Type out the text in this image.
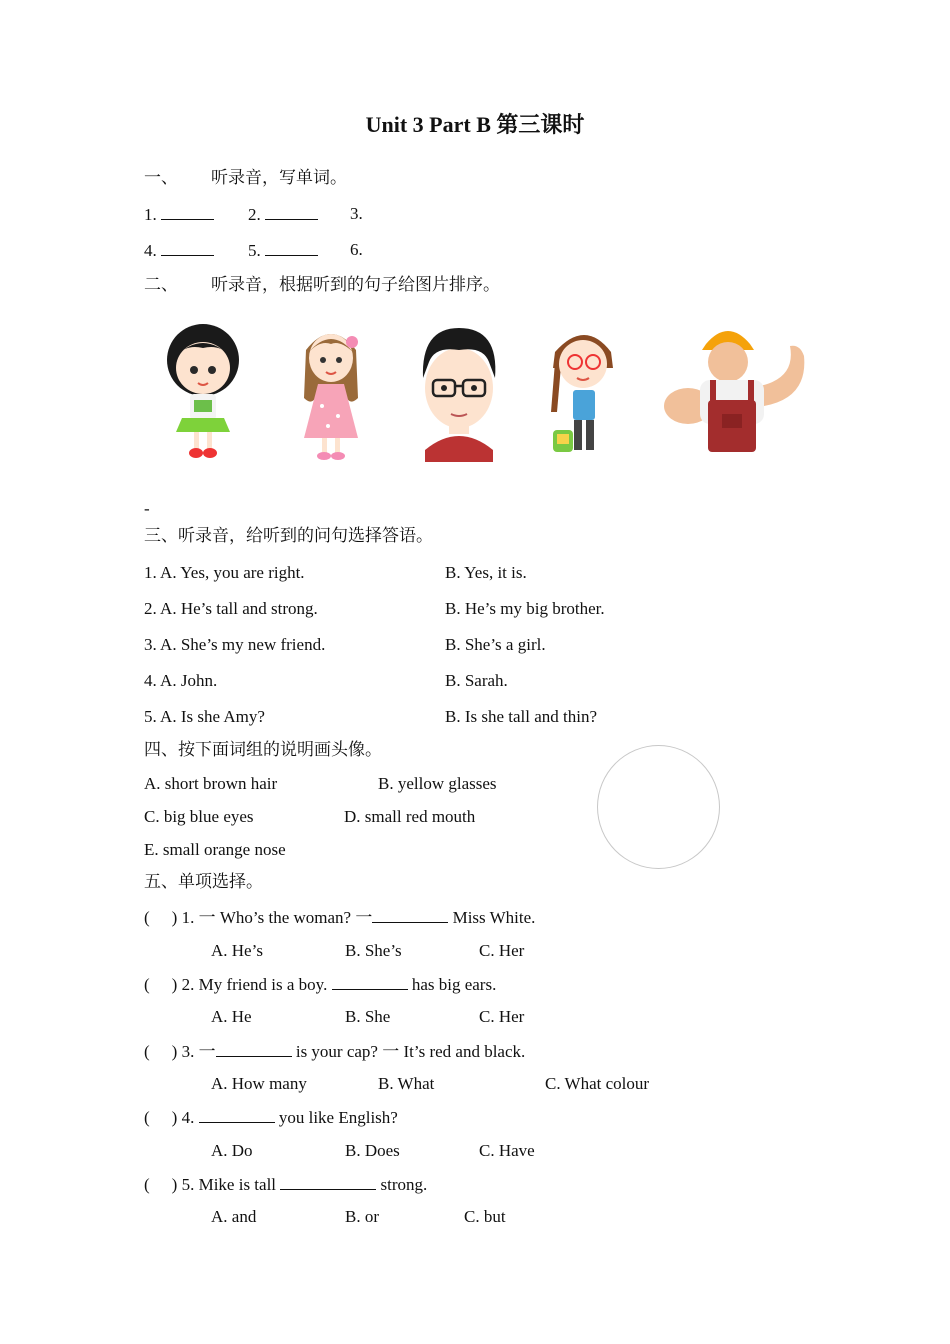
Unit 3 Part B 第三课时
一、 听录音，写单词。
1.	2.	3.
4.	5.	6.
二、 听录音，根据听到的句子给图片排序。
-
三、听录音，给听到的问句选择答语。
1. A. Yes, you are right.	B. Yes, it is.
2. A. He’s tall and strong.	B. He’s my big brother.
3. A. She’s my new friend.	B. She’s a girl.
4. A. John.	B. Sarah.
5. A. Is she Amy?	B. Is she tall and thin?
四、按下面词组的说明画头像。
A. short brown hair	B. yellow glasses
C. big blue eyes	D. small red mouth
E. small orange nose
五、单项选择。
( ) 1. 一 Who’s the woman? 一	Miss White.
A. He’s	B. She’s	C. Her
( ) 2. My friend is a boy.	has big ears.
A. He	B. She	C. Her
( ) 3. 一	is your cap? 一 It’s red and black.
A. How many	B. What	C. What colour
( ) 4.	you like English?
A. Do	B. Does	C. Have
( ) 5. Mike is tall	strong.
A. and	B. or	C. but
